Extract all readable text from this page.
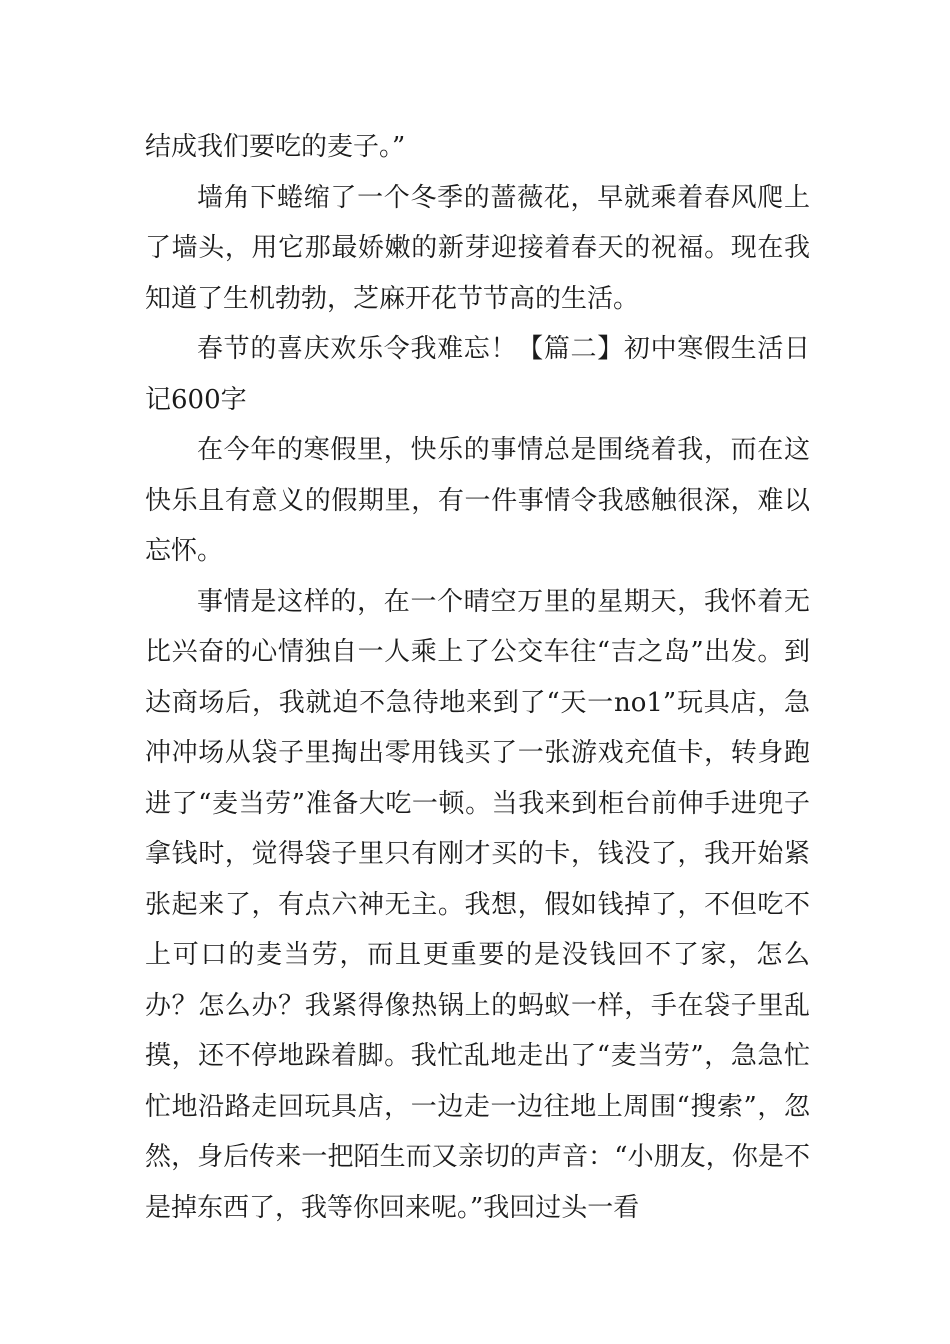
结成我们要吃的麦子。”

墙角下蜷缩了一个冬季的蔷薇花，早就乘着春风爬上了墙头，用它那最娇嫩的新芽迎接着春天的祝福。现在我知道了生机勃勃，芝麻开花节节高的生活。

春节的喜庆欢乐令我难忘！【篇二】初中寒假生活日记600字

在今年的寒假里，快乐的事情总是围绕着我，而在这快乐且有意义的假期里，有一件事情令我感触很深，难以忘怀。

事情是这样的，在一个晴空万里的星期天，我怀着无比兴奋的心情独自一人乘上了公交车往“吉之岛”出发。到达商场后，我就迫不急待地来到了“天一no1”玩具店，急冲冲场从袋子里掏出零用钱买了一张游戏充值卡，转身跑进了“麦当劳”准备大吃一顿。当我来到柜台前伸手进兜子拿钱时，觉得袋子里只有刚才买的卡，钱没了，我开始紧张起来了，有点六神无主。我想，假如钱掉了，不但吃不上可口的麦当劳，而且更重要的是没钱回不了家，怎么办？怎么办？我紧得像热锅上的蚂蚁一样，手在袋子里乱摸，还不停地跺着脚。我忙乱地走出了“麦当劳”，急急忙忙地沿路走回玩具店，一边走一边往地上周围“搜索”，忽然，身后传来一把陌生而又亲切的声音：“小朋友，你是不是掉东西了，我等你回来呢。”我回过头一看
